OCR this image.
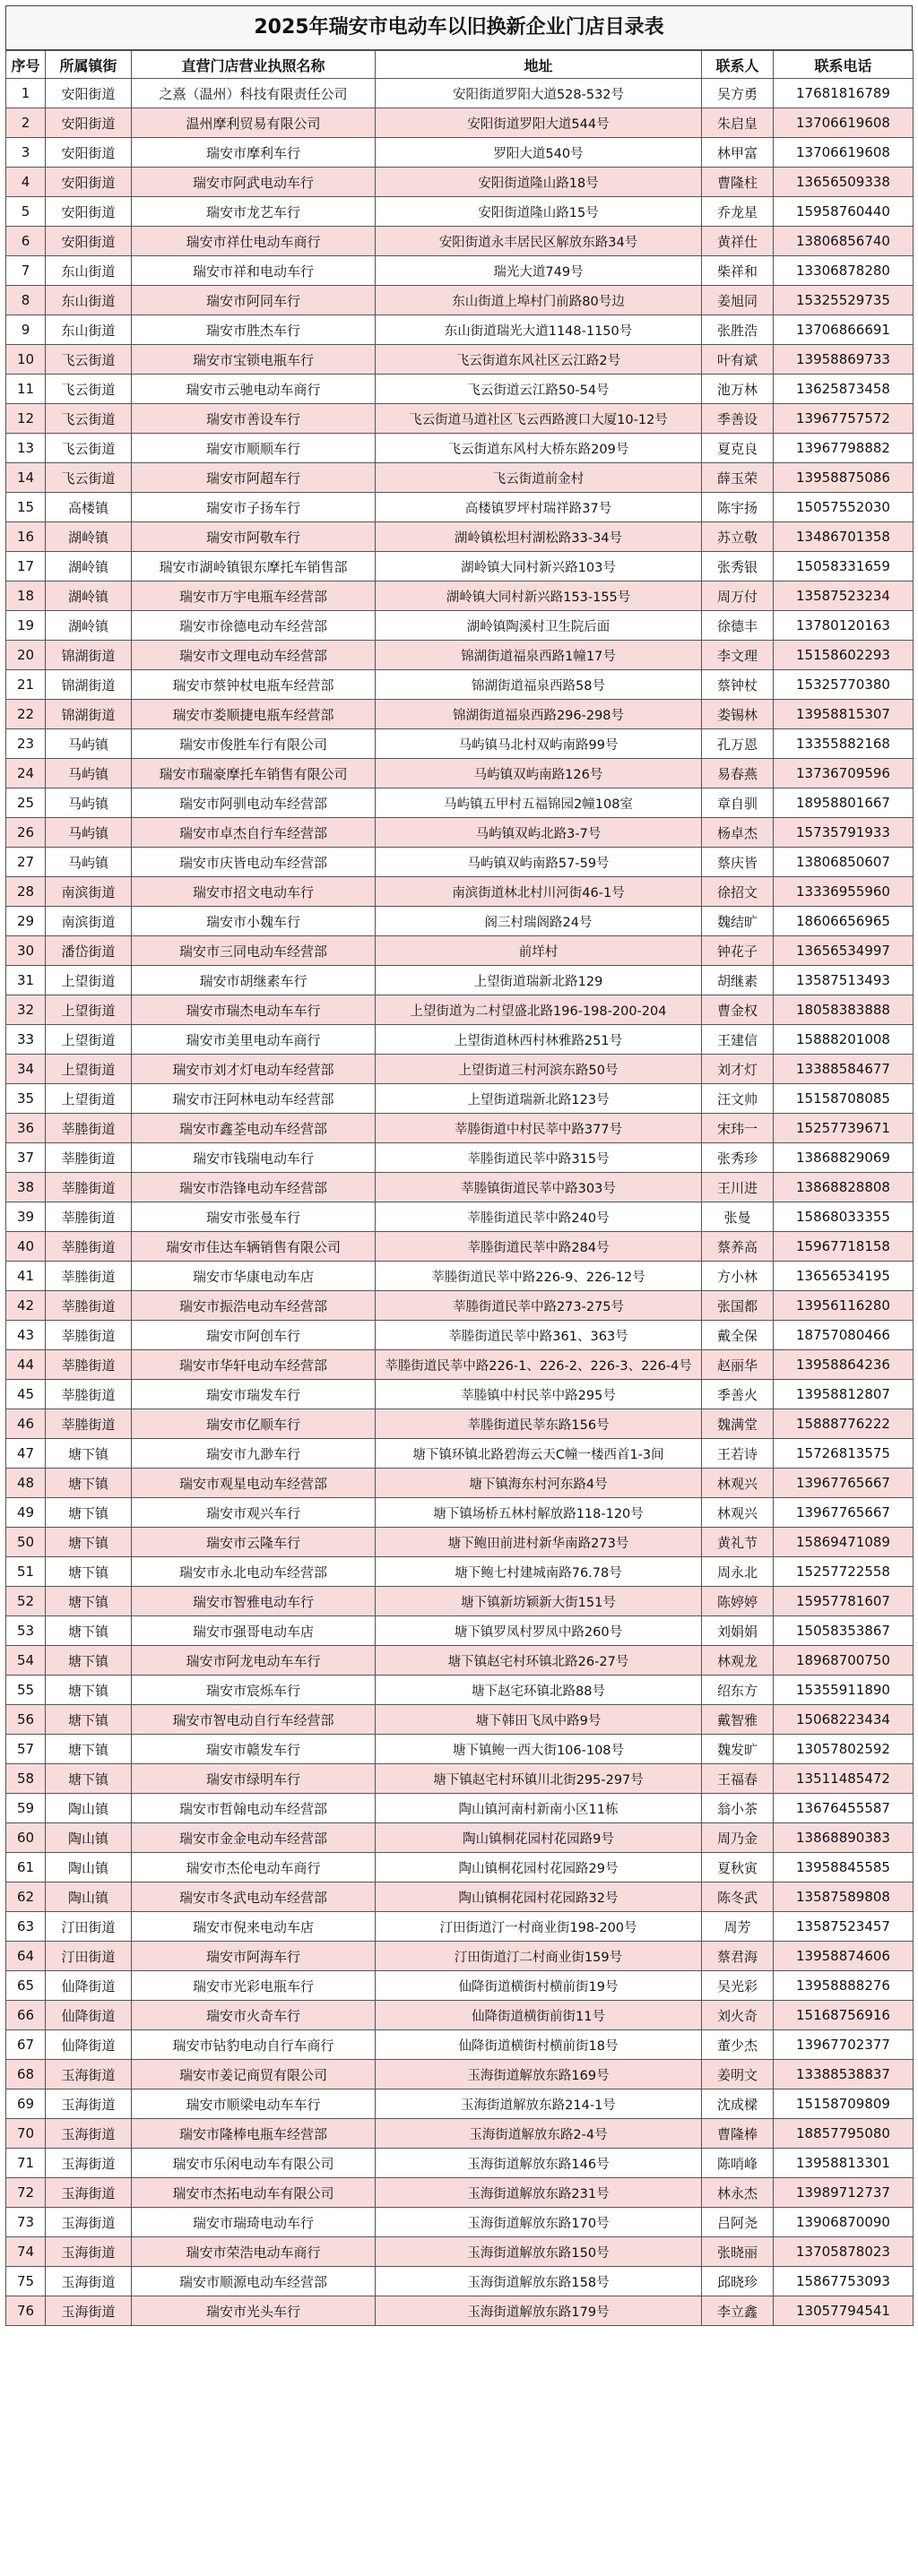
2025年瑞安市电动车以旧换新企业门店目录表
序号	所属镇街	直营门店营业执照名称	地址	联系人	联系电话
1	安阳街道	之熹（温州）科技有限责任公司	安阳街道罗阳大道528-532号	吴方勇	17681816789
2	安阳街道	温州摩利贸易有限公司	安阳街道罗阳大道544号	朱启皇	13706619608
3	安阳街道	瑞安市摩利车行	罗阳大道540号	林甲富	13706619608
4	安阳街道	瑞安市阿武电动车行	安阳街道隆山路18号	曹隆柱	13656509338
5	安阳街道	瑞安市龙艺车行	安阳街道隆山路15号	乔龙星	15958760440
6	安阳街道	瑞安市祥仕电动车商行	安阳街道永丰居民区解放东路34号	黄祥仕	13806856740
7	东山街道	瑞安市祥和电动车行	瑞光大道749号	柴祥和	13306878280
8	东山街道	瑞安市阿同车行	东山街道上埠村门前路80号边	姜旭同	15325529735
9	东山街道	瑞安市胜杰车行	东山街道瑞光大道1148-1150号	张胜浩	13706866691
10	飞云街道	瑞安市宝锁电瓶车行	飞云街道东风社区云江路2号	叶有斌	13958869733
11	飞云街道	瑞安市云驰电动车商行	飞云街道云江路50-54号	池万林	13625873458
12	飞云街道	瑞安市善设车行	飞云街道马道社区飞云西路渡口大厦10-12号	季善设	13967757572
13	飞云街道	瑞安市顺顺车行	飞云街道东风村大桥东路209号	夏克良	13967798882
14	飞云街道	瑞安市阿超车行	飞云街道前金村	薛玉荣	13958875086
15	高楼镇	瑞安市子扬车行	高楼镇罗坪村瑞祥路37号	陈宇扬	15057552030
16	湖岭镇	瑞安市阿敬车行	湖岭镇松坦村湖松路33-34号	苏立敬	13486701358
17	湖岭镇	瑞安市湖岭镇银东摩托车销售部	湖岭镇大同村新兴路103号	张秀银	15058331659
18	湖岭镇	瑞安市万宇电瓶车经营部	湖岭镇大同村新兴路153-155号	周万付	13587523234
19	湖岭镇	瑞安市徐德电动车经营部	湖岭镇陶溪村卫生院后面	徐德丰	13780120163
20	锦湖街道	瑞安市文理电动车经营部	锦湖街道福泉西路1幢17号	李文理	15158602293
21	锦湖街道	瑞安市蔡钟杖电瓶车经营部	锦湖街道福泉西路58号	蔡钟杖	15325770380
22	锦湖街道	瑞安市娄顺捷电瓶车经营部	锦湖街道福泉西路296-298号	娄锡林	13958815307
23	马屿镇	瑞安市俊胜车行有限公司	马屿镇马北村双屿南路99号	孔万恩	13355882168
24	马屿镇	瑞安市瑞豪摩托车销售有限公司	马屿镇双屿南路126号	易春燕	13736709596
25	马屿镇	瑞安市阿驯电动车经营部	马屿镇五甲村五福锦园2幢108室	章自驯	18958801667
26	马屿镇	瑞安市卓杰自行车经营部	马屿镇双屿北路3-7号	杨卓杰	15735791933
27	马屿镇	瑞安市庆皆电动车经营部	马屿镇双屿南路57-59号	蔡庆皆	13806850607
28	南滨街道	瑞安市招文电动车行	南滨街道林北村川河街46-1号	徐招文	13336955960
29	南滨街道	瑞安市小魏车行	阁三村瑞阁路24号	魏结旷	18606656965
30	潘岱街道	瑞安市三同电动车经营部	前垟村	钟花子	13656534997
31	上望街道	瑞安市胡继素车行	上望街道瑞新北路129	胡继素	13587513493
32	上望街道	瑞安市瑞杰电动车车行	上望街道为二村望盛北路196-198-200-204	曹金权	18058383888
33	上望街道	瑞安市美里电动车商行	上望街道林西村林雅路251号	王建信	15888201008
34	上望街道	瑞安市刘才灯电动车经营部	上望街道三村河滨东路50号	刘才灯	13388584677
35	上望街道	瑞安市汪阿林电动车经营部	上望街道瑞新北路123号	汪文帅	15158708085
36	莘塍街道	瑞安市鑫荃电动车经营部	莘塍街道中村民莘中路377号	宋玮一	15257739671
37	莘塍街道	瑞安市钱瑞电动车行	莘塍街道民莘中路315号	张秀珍	13868829069
38	莘塍街道	瑞安市浩锋电动车经营部	莘塍镇街道民莘中路303号	王川进	13868828808
39	莘塍街道	瑞安市张曼车行	莘塍街道民莘中路240号	张曼	15868033355
40	莘塍街道	瑞安市佳达车辆销售有限公司	莘塍街道民莘中路284号	蔡养高	15967718158
41	莘塍街道	瑞安市华康电动车店	莘塍街道民莘中路226-9、226-12号	方小林	13656534195
42	莘塍街道	瑞安市振浩电动车经营部	莘塍街道民莘中路273-275号	张国都	13956116280
43	莘塍街道	瑞安市阿创车行	莘塍街道民莘中路361、363号	戴全保	18757080466
44	莘塍街道	瑞安市华轩电动车经营部	莘塍街道民莘中路226-1、226-2、226-3、226-4号	赵丽华	13958864236
45	莘塍街道	瑞安市瑞发车行	莘塍镇中村民莘中路295号	季善火	13958812807
46	莘塍街道	瑞安市亿顺车行	莘塍街道民莘东路156号	魏满堂	15888776222
47	塘下镇	瑞安市九渺车行	塘下镇环镇北路碧海云天C幢一楼西首1-3间	王若诗	15726813575
48	塘下镇	瑞安市观星电动车经营部	塘下镇海东村河东路4号	林观兴	13967765667
49	塘下镇	瑞安市观兴车行	塘下镇场桥五林村解放路118-120号	林观兴	13967765667
50	塘下镇	瑞安市云隆车行	塘下鲍田前进村新华南路273号	黄礼节	15869471089
51	塘下镇	瑞安市永北电动车经营部	塘下鲍七村建城南路76.78号	周永北	15257722558
52	塘下镇	瑞安市智雅电动车行	塘下镇新坊颖新大街151号	陈婷婷	15957781607
53	塘下镇	瑞安市强哥电动车店	塘下镇罗凤村罗凤中路260号	刘娟娟	15058353867
54	塘下镇	瑞安市阿龙电动车车行	塘下镇赵宅村环镇北路26-27号	林观龙	18968700750
55	塘下镇	瑞安市宸烁车行	塘下赵宅环镇北路88号	绍东方	15355911890
56	塘下镇	瑞安市智电动自行车经营部	塘下韩田飞凤中路9号	戴智雅	15068223434
57	塘下镇	瑞安市赣发车行	塘下镇鲍一西大街106-108号	魏发旷	13057802592
58	塘下镇	瑞安市绿明车行	塘下镇赵宅村环镇川北街295-297号	王福春	13511485472
59	陶山镇	瑞安市哲翰电动车经营部	陶山镇河南村新南小区11栋	翁小茶	13676455587
60	陶山镇	瑞安市金金电动车经营部	陶山镇桐花园村花园路9号	周乃金	13868890383
61	陶山镇	瑞安市杰伦电动车商行	陶山镇桐花园村花园路29号	夏秋寅	13958845585
62	陶山镇	瑞安市冬武电动车经营部	陶山镇桐花园村花园路32号	陈冬武	13587589808
63	汀田街道	瑞安市倪来电动车店	汀田街道汀一村商业街198-200号	周芳	13587523457
64	汀田街道	瑞安市阿海车行	汀田街道汀二村商业街159号	蔡君海	13958874606
65	仙降街道	瑞安市光彩电瓶车行	仙降街道横街村横前街19号	吴光彩	13958888276
66	仙降街道	瑞安市火奇车行	仙降街道横街前街11号	刘火奇	15168756916
67	仙降街道	瑞安市钻豹电动自行车商行	仙降街道横街村横前街18号	董少杰	13967702377
68	玉海街道	瑞安市姜记商贸有限公司	玉海街道解放东路169号	姜明文	13388538837
69	玉海街道	瑞安市顺梁电动车车行	玉海街道解放东路214-1号	沈成樑	15158709809
70	玉海街道	瑞安市隆棒电瓶车经营部	玉海街道解放东路2-4号	曹隆棒	18857795080
71	玉海街道	瑞安市乐闲电动车有限公司	玉海街道解放东路146号	陈哨峰	13958813301
72	玉海街道	瑞安市杰拓电动车有限公司	玉海街道解放东路231号	林永杰	13989712737
73	玉海街道	瑞安市瑞琦电动车行	玉海街道解放东路170号	吕阿尧	13906870090
74	玉海街道	瑞安市荣浩电动车商行	玉海街道解放东路150号	张晓丽	13705878023
75	玉海街道	瑞安市顺源电动车经营部	玉海街道解放东路158号	邱晓珍	15867753093
76	玉海街道	瑞安市光头车行	玉海街道解放东路179号	李立鑫	13057794541
